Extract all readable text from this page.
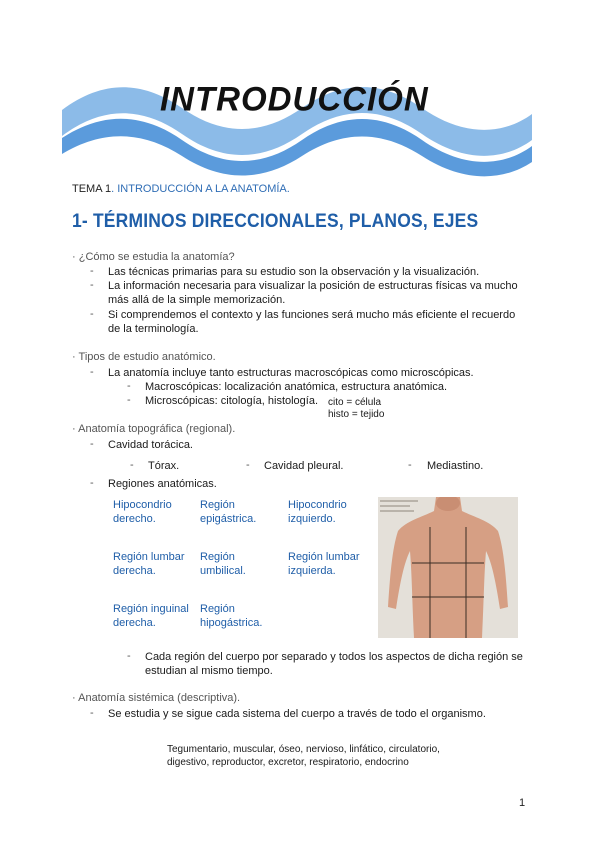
INTRODUCCIÓN
TEMA 1. INTRODUCCIÓN A LA ANATOMÍA.
1- TÉRMINOS DIRECCIONALES, PLANOS, EJES
· ¿Cómo se estudia la anatomía?
- Las técnicas primarias para su estudio son la observación y la visualización.
- La información necesaria para visualizar la posición de estructuras físicas va mucho
más allá de la simple memorización.
- Si comprendemos el contexto y las funciones será mucho más eficiente el recuerdo
de la terminología.
· Tipos de estudio anatómico.
- La anatomía incluye tanto estructuras macroscópicas como microscópicas.
- Macroscópicas: localización anatómica, estructura anatómica.
- Microscópicas: citología, histología. cito = célula
histo = tejido
· Anatomía topográfica (regional).
- Cavidad torácica.
- Tórax.	- Cavidad pleural.	- Mediastino.
- Regiones anatómicas.
Hipocondrio
derecho.
Región
epigástrica.
Hipocondrio
izquierdo.
Región lumbar
derecha.
Región
umbilical.
Región lumbar
izquierda.
Región inguinal
derecha.
Región
hipogástrica.
- Cada región del cuerpo por separado y todos los aspectos de dicha región se
estudian al mismo tiempo.
· Anatomía sistémica (descriptiva).
- Se estudia y se sigue cada sistema del cuerpo a través de todo el organismo.
Tegumentario, muscular, óseo, nervioso, linfático, circulatorio,
digestivo, reproductor, excretor, respiratorio, endocrino
1
